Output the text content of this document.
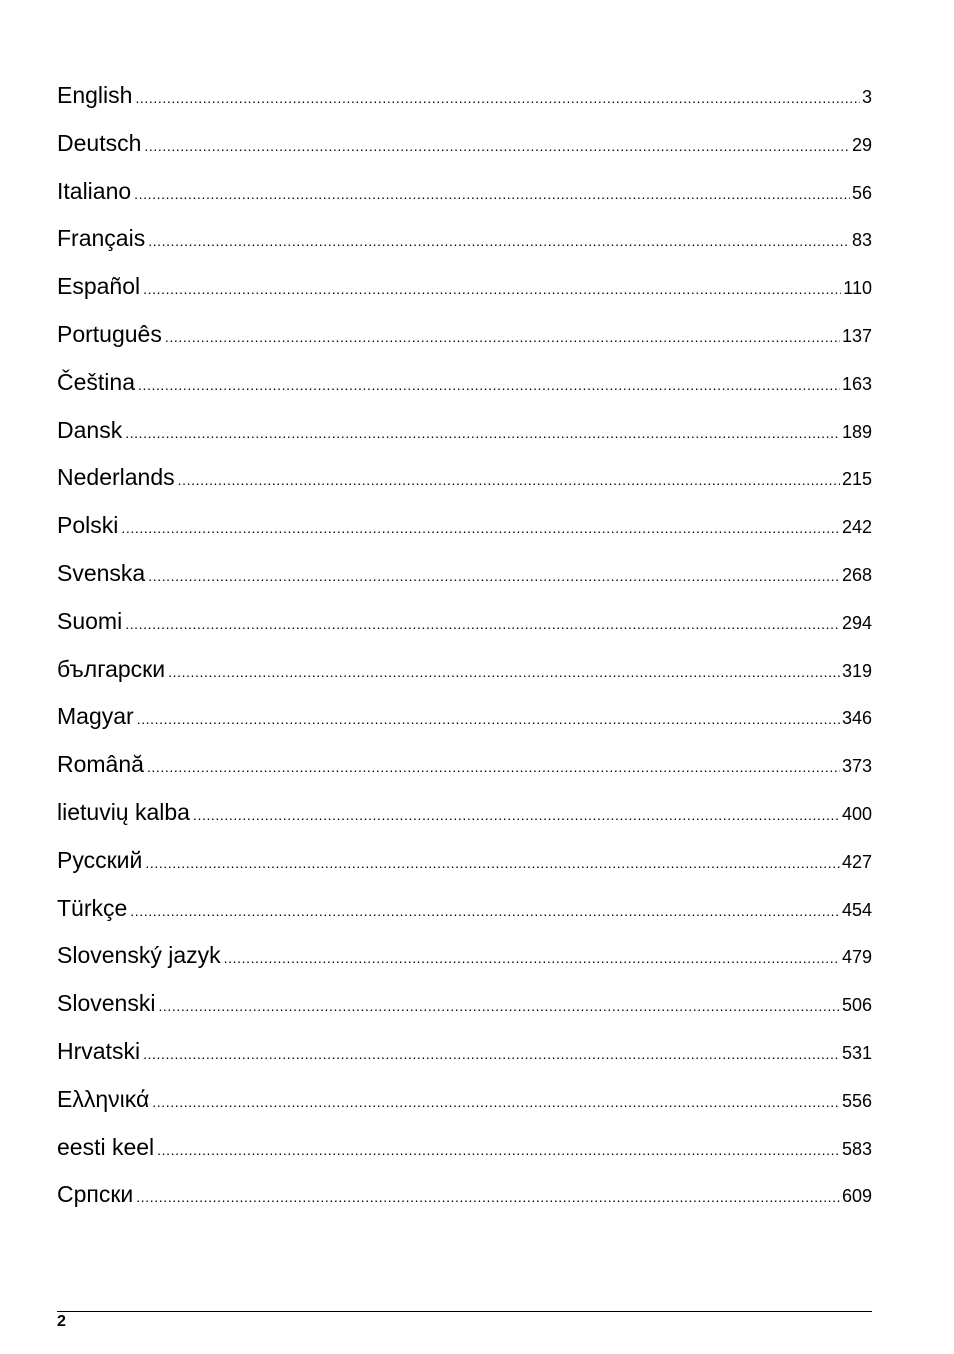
English .....	3
Deutsch .....	29
Italiano .....	56
Français .....	83
Español .....	110
Português .....	137
Čeština .....	163
Dansk .....	189
Nederlands .....	215
Polski .....	242
Svenska .....	268
Suomi .....	294
български .....	319
Magyar .....	346
Română .....	373
lietuvių kalba .....	400
Русский .....	427
Türkçe .....	454
Slovenský jazyk .....	479
Slovenski .....	506
Hrvatski .....	531
Ελληνικά .....	556
eesti keel .....	583
Српски .....	609
2
